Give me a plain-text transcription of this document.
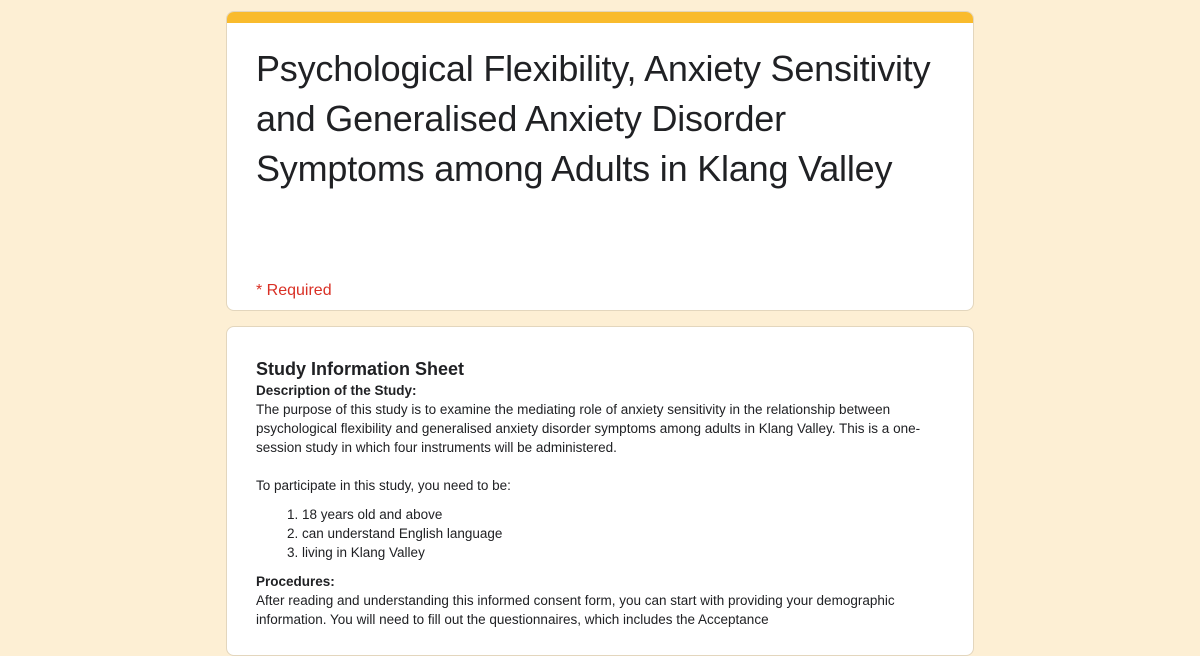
Psychological Flexibility, Anxiety Sensitivity and Generalised Anxiety Disorder Symptoms among Adults in Klang Valley
* Required
Study Information Sheet
Description of the Study:

The purpose of this study is to examine the mediating role of anxiety sensitivity in the relationship between psychological flexibility and generalised anxiety disorder symptoms among adults in Klang Valley. This is a one-session study in which four instruments will be administered.

To participate in this study, you need to be:

1. 18 years old and above
2. can understand English language
3. living in Klang Valley
Procedures:

After reading and understanding this informed consent form, you can start with providing your demographic information. You will need to fill out the questionnaires, which includes the Acceptance
